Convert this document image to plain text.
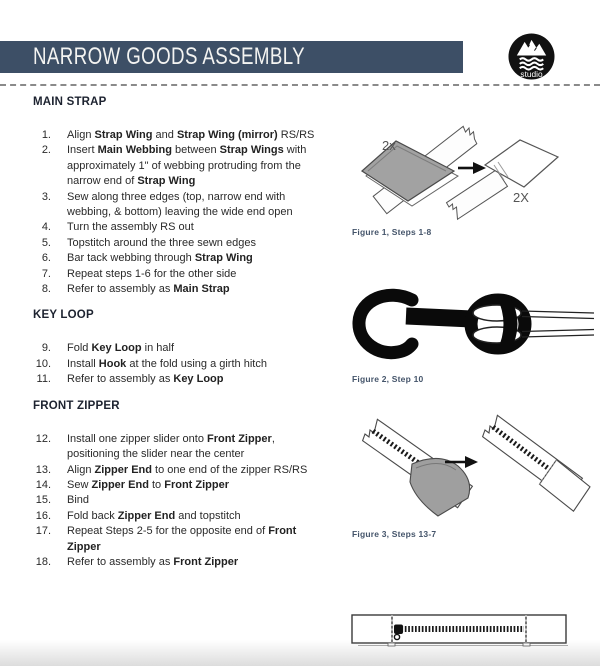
NARROW GOODS ASSEMBLY
studio
MAIN STRAP
1. Align Strap Wing and Strap Wing (mirror) RS/RS
2. Insert Main Webbing between Strap Wings with approximately 1" of webbing protruding from the narrow end of Strap Wing
3. Sew along three edges (top, narrow end with webbing, & bottom) leaving the wide end open
4. Turn the assembly RS out
5. Topstitch around the three sewn edges
6. Bar tack webbing through Strap Wing
7. Repeat steps 1-6 for the other side
8. Refer to assembly as Main Strap
KEY LOOP
9. Fold Key Loop in half
10. Install Hook at the fold using a girth hitch
11. Refer to assembly as Key Loop
FRONT ZIPPER
12. Install one zipper slider onto Front Zipper, positioning the slider near the center
13. Align Zipper End to one end of the zipper RS/RS
14. Sew Zipper End to Front Zipper
15. Bind
16. Fold back Zipper End and topstitch
17. Repeat Steps 2-5 for the opposite end of Front Zipper
18. Refer to assembly as Front Zipper
2x
2X
Figure 1, Steps 1-8
Figure 2, Step 10
Figure 3, Steps 13-7
